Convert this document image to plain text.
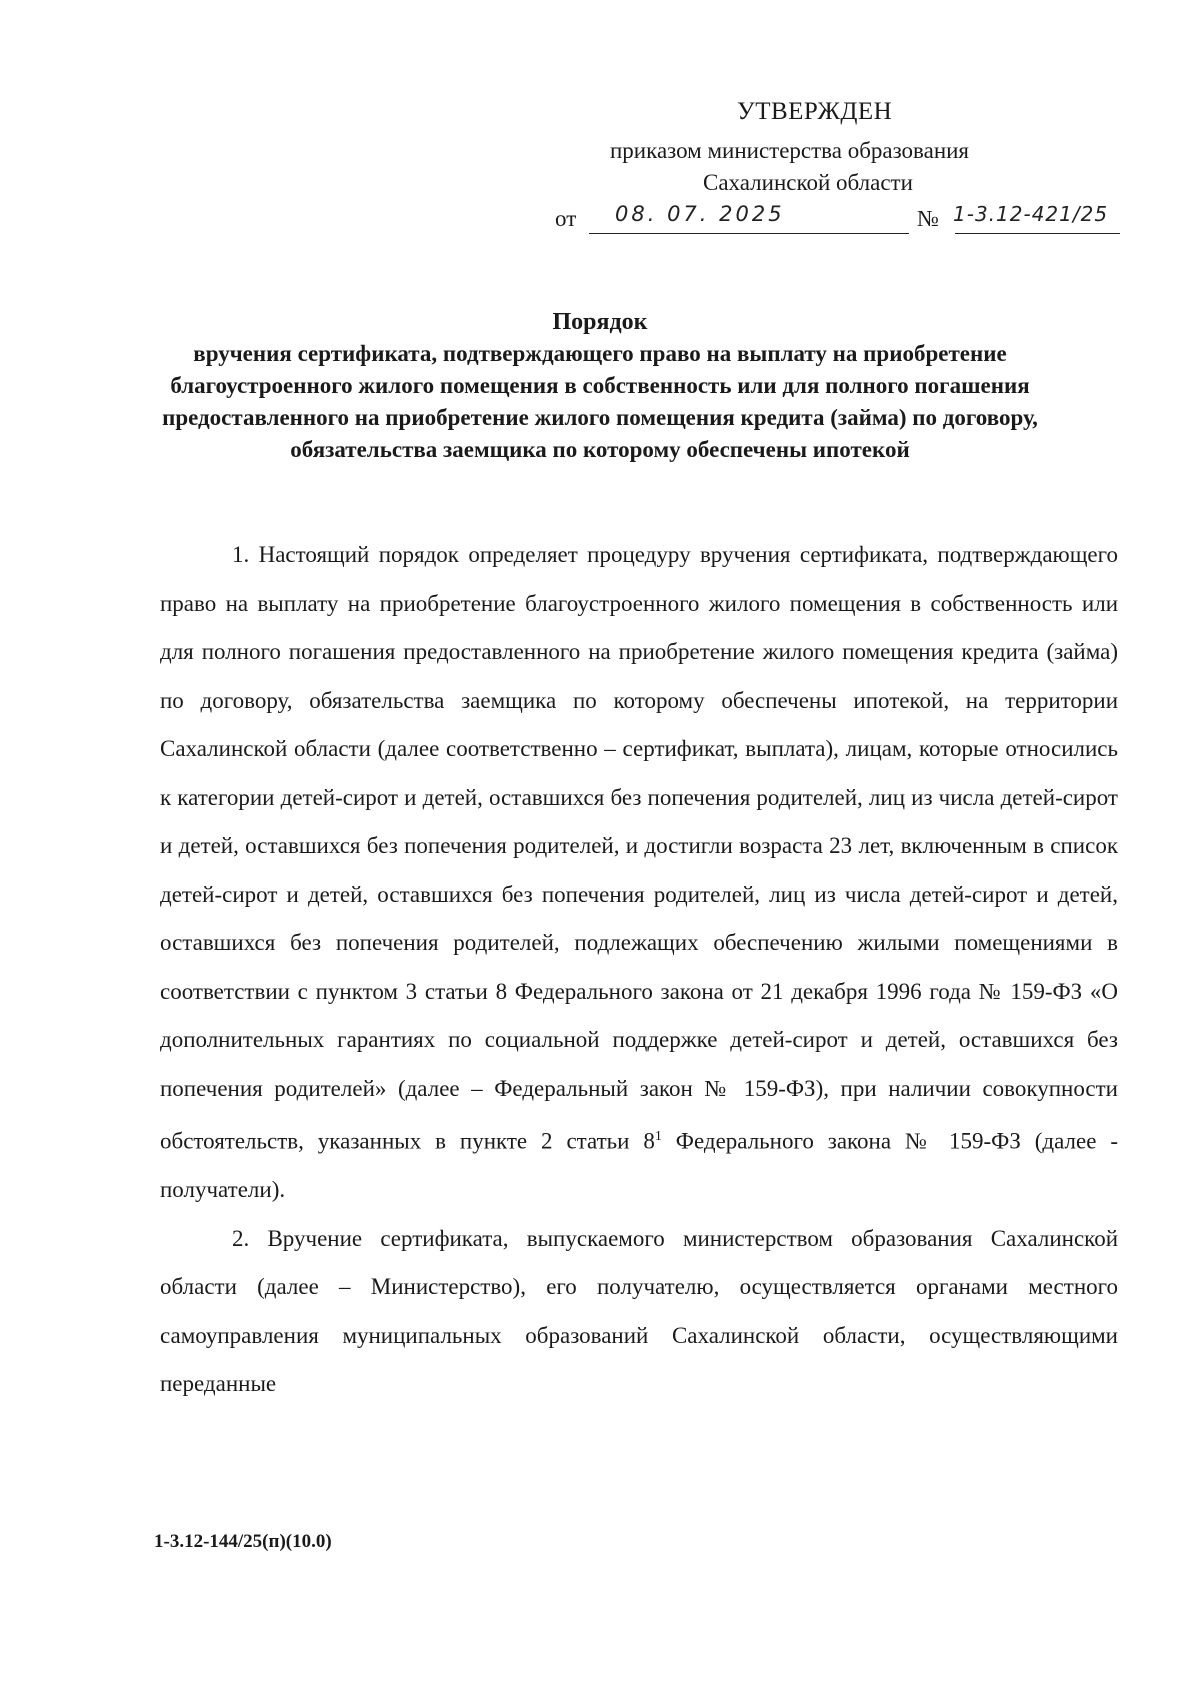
УТВЕРЖДЕН
приказом министерства образования
Сахалинской области
от 08. 07. 2025	№ 1-3.12-421/25
Порядок
вручения сертификата, подтверждающего право на выплату на приобретение благоустроенного жилого помещения в собственность или для полного погашения предоставленного на приобретение жилого помещения кредита (займа) по договору, обязательства заемщика по которому обеспечены ипотекой

1. Настоящий порядок определяет процедуру вручения сертификата, подтверждающего право на выплату на приобретение благоустроенного жилого помещения в собственность или для полного погашения предоставленного на приобретение жилого помещения кредита (займа) по договору, обязательства заемщика по которому обеспечены ипотекой, на территории Сахалинской области (далее соответственно – сертификат, выплата), лицам, которые относились к категории детей-сирот и детей, оставшихся без попечения родителей, лиц из числа детей-сирот и детей, оставшихся без попечения родителей, и достигли возраста 23 лет, включенным в список детей-сирот и детей, оставшихся без попечения родителей, лиц из числа детей-сирот и детей, оставшихся без попечения родителей, подлежащих обеспечению жилыми помещениями в соответствии с пунктом 3 статьи 8 Федерального закона от 21 декабря 1996 года № 159-ФЗ «О дополнительных гарантиях по социальной поддержке детей-сирот и детей, оставшихся без попечения родителей» (далее – Федеральный закон № 159-ФЗ), при наличии совокупности обстоятельств, указанных в пункте 2 статьи $8^1$ Федерального закона № 159-ФЗ (далее - получатели).

2. Вручение сертификата, выпускаемого министерством образования Сахалинской области (далее – Министерство), его получателю, осуществляется органами местного самоуправления муниципальных образований Сахалинской области, осуществляющими переданные

1-3.12-144/25(п)(10.0)
